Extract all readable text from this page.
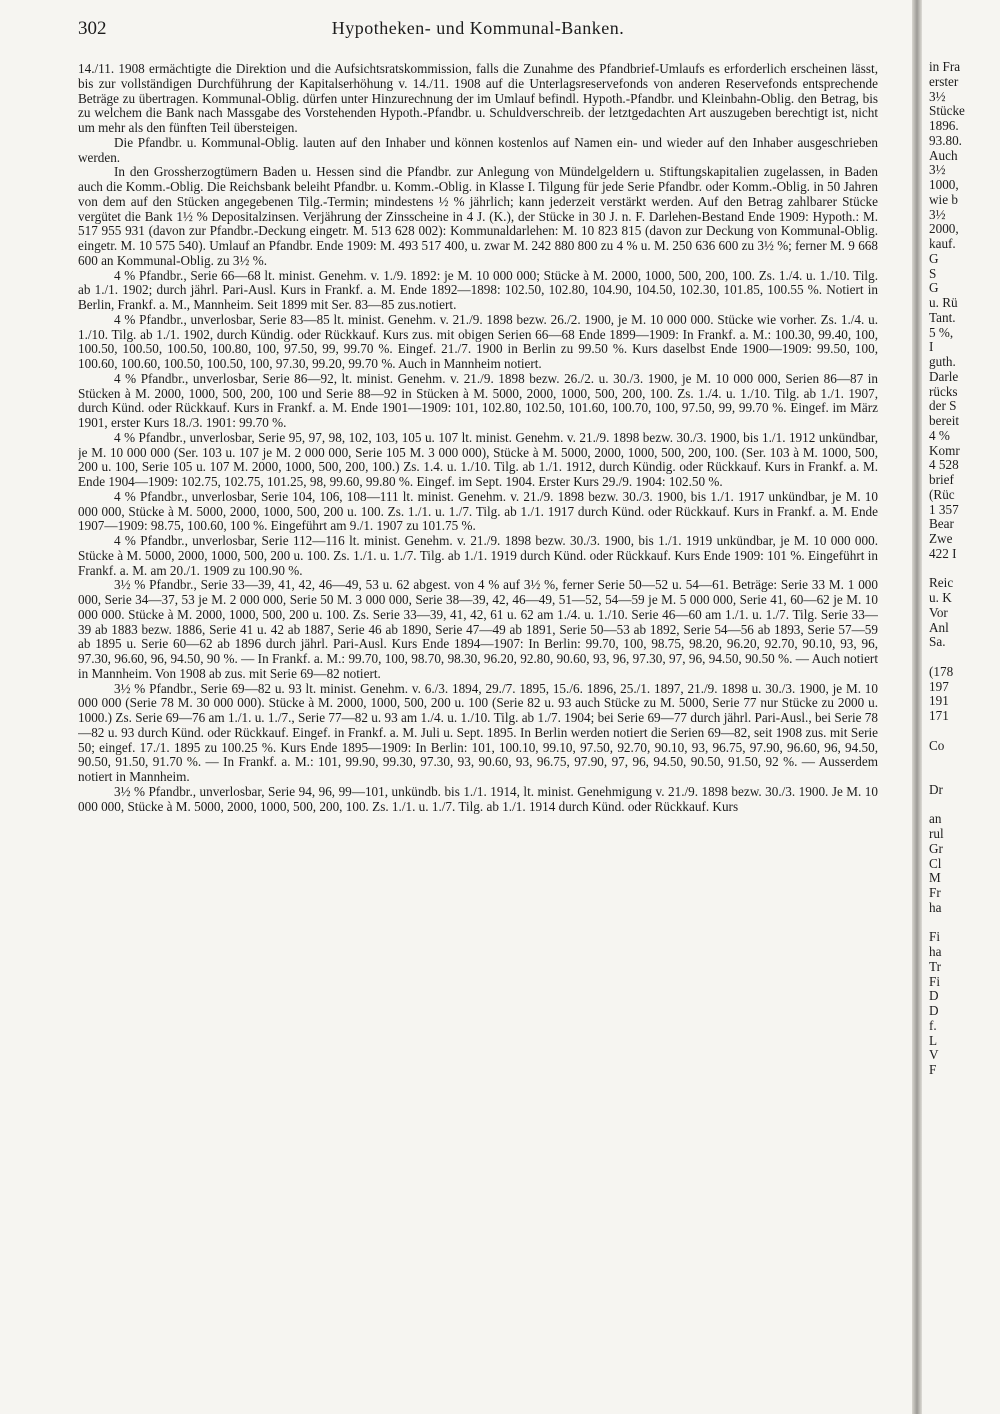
302	Hypotheken- und Kommunal-Banken.

14./11. 1908 ermächtigte die Direktion und die Aufsichtsratskommission, falls die Zunahme des Pfandbrief-Umlaufs es erforderlich erscheinen lässt, bis zur vollständigen Durchführung der Kapitalserhöhung v. 14./11. 1908 auf die Unterlagsreservefonds von anderen Reservefonds entsprechende Beträge zu übertragen. Kommunal-Oblig. dürfen unter Hinzurechnung der im Umlauf befindl. Hypoth.-Pfandbr. und Kleinbahn-Oblig. den Betrag, bis zu welchem die Bank nach Massgabe des Vorstehenden Hypoth.-Pfandbr. u. Schuldverschreib. der letztgedachten Art auszugeben berechtigt ist, nicht um mehr als den fünften Teil übersteigen.

Die Pfandbr. u. Kommunal-Oblig. lauten auf den Inhaber und können kostenlos auf Namen ein- und wieder auf den Inhaber ausgeschrieben werden.

In den Grossherzogtümern Baden u. Hessen sind die Pfandbr. zur Anlegung von Mündelgeldern u. Stiftungskapitalien zugelassen, in Baden auch die Komm.-Oblig. Die Reichsbank beleiht Pfandbr. u. Komm.-Oblig. in Klasse I. Tilgung für jede Serie Pfandbr. oder Komm.-Oblig. in 50 Jahren von dem auf den Stücken angegebenen Tilg.-Termin; mindestens ½ % jährlich; kann jederzeit verstärkt werden. Auf den Betrag zahlbarer Stücke vergütet die Bank 1½ % Depositalzinsen. Verjährung der Zinsscheine in 4 J. (K.), der Stücke in 30 J. n. F. Darlehen-Bestand Ende 1909: Hypoth.: M. 517 955 931 (davon zur Pfandbr.-Deckung eingetr. M. 513 628 002): Kommunaldarlehen: M. 10 823 815 (davon zur Deckung von Kommunal-Oblig. eingetr. M. 10 575 540). Umlauf an Pfandbr. Ende 1909: M. 493 517 400, u. zwar M. 242 880 800 zu 4 % u. M. 250 636 600 zu 3½ %; ferner M. 9 668 600 an Kommunal-Oblig. zu 3½ %.

4 % Pfandbr., Serie 66—68 lt. minist. Genehm. v. 1./9. 1892: je M. 10 000 000; Stücke à M. 2000, 1000, 500, 200, 100. Zs. 1./4. u. 1./10. Tilg. ab 1./1. 1902; durch jährl. Pari-Ausl. Kurs in Frankf. a. M. Ende 1892—1898: 102.50, 102.80, 104.90, 104.50, 102.30, 101.85, 100.55 %. Notiert in Berlin, Frankf. a. M., Mannheim. Seit 1899 mit Ser. 83—85 zus.notiert.

4 % Pfandbr., unverlosbar, Serie 83—85 lt. minist. Genehm. v. 21./9. 1898 bezw. 26./2. 1900, je M. 10 000 000. Stücke wie vorher. Zs. 1./4. u. 1./10. Tilg. ab 1./1. 1902, durch Kündig. oder Rückkauf. Kurs zus. mit obigen Serien 66—68 Ende 1899—1909: In Frankf. a. M.: 100.30, 99.40, 100, 100.50, 100.50, 100.50, 100.80, 100, 97.50, 99, 99.70 %. Eingef. 21./7. 1900 in Berlin zu 99.50 %. Kurs daselbst Ende 1900—1909: 99.50, 100, 100.60, 100.60, 100.50, 100.50, 100, 97.30, 99.20, 99.70 %. Auch in Mannheim notiert.

4 % Pfandbr., unverlosbar, Serie 86—92, lt. minist. Genehm. v. 21./9. 1898 bezw. 26./2. u. 30./3. 1900, je M. 10 000 000, Serien 86—87 in Stücken à M. 2000, 1000, 500, 200, 100 und Serie 88—92 in Stücken à M. 5000, 2000, 1000, 500, 200, 100. Zs. 1./4. u. 1./10. Tilg. ab 1./1. 1907, durch Künd. oder Rückkauf. Kurs in Frankf. a. M. Ende 1901—1909: 101, 102.80, 102.50, 101.60, 100.70, 100, 97.50, 99, 99.70 %. Eingef. im März 1901, erster Kurs 18./3. 1901: 99.70 %.

4 % Pfandbr., unverlosbar, Serie 95, 97, 98, 102, 103, 105 u. 107 lt. minist. Genehm. v. 21./9. 1898 bezw. 30./3. 1900, bis 1./1. 1912 unkündbar, je M. 10 000 000 (Ser. 103 u. 107 je M. 2 000 000, Serie 105 M. 3 000 000), Stücke à M. 5000, 2000, 1000, 500, 200, 100. (Ser. 103 à M. 1000, 500, 200 u. 100, Serie 105 u. 107 M. 2000, 1000, 500, 200, 100.) Zs. 1.4. u. 1./10. Tilg. ab 1./1. 1912, durch Kündig. oder Rückkauf. Kurs in Frankf. a. M. Ende 1904—1909: 102.75, 102.75, 101.25, 98, 99.60, 99.80 %. Eingef. im Sept. 1904. Erster Kurs 29./9. 1904: 102.50 %.

4 % Pfandbr., unverlosbar, Serie 104, 106, 108—111 lt. minist. Genehm. v. 21./9. 1898 bezw. 30./3. 1900, bis 1./1. 1917 unkündbar, je M. 10 000 000, Stücke à M. 5000, 2000, 1000, 500, 200 u. 100. Zs. 1./1. u. 1./7. Tilg. ab 1./1. 1917 durch Künd. oder Rückkauf. Kurs in Frankf. a. M. Ende 1907—1909: 98.75, 100.60, 100 %. Eingeführt am 9./1. 1907 zu 101.75 %.

4 % Pfandbr., unverlosbar, Serie 112—116 lt. minist. Genehm. v. 21./9. 1898 bezw. 30./3. 1900, bis 1./1. 1919 unkündbar, je M. 10 000 000. Stücke à M. 5000, 2000, 1000, 500, 200 u. 100. Zs. 1./1. u. 1./7. Tilg. ab 1./1. 1919 durch Künd. oder Rückkauf. Kurs Ende 1909: 101 %. Eingeführt in Frankf. a. M. am 20./1. 1909 zu 100.90 %.

3½ % Pfandbr., Serie 33—39, 41, 42, 46—49, 53 u. 62 abgest. von 4 % auf 3½ %, ferner Serie 50—52 u. 54—61. Beträge: Serie 33 M. 1 000 000, Serie 34—37, 53 je M. 2 000 000, Serie 50 M. 3 000 000, Serie 38—39, 42, 46—49, 51—52, 54—59 je M. 5 000 000, Serie 41, 60—62 je M. 10 000 000. Stücke à M. 2000, 1000, 500, 200 u. 100. Zs. Serie 33—39, 41, 42, 61 u. 62 am 1./4. u. 1./10. Serie 46—60 am 1./1. u. 1./7. Tilg. Serie 33—39 ab 1883 bezw. 1886, Serie 41 u. 42 ab 1887, Serie 46 ab 1890, Serie 47—49 ab 1891, Serie 50—53 ab 1892, Serie 54—56 ab 1893, Serie 57—59 ab 1895 u. Serie 60—62 ab 1896 durch jährl. Pari-Ausl. Kurs Ende 1894—1907: In Berlin: 99.70, 100, 98.75, 98.20, 96.20, 92.70, 90.10, 93, 96, 97.30, 96.60, 96, 94.50, 90 %. — In Frankf. a. M.: 99.70, 100, 98.70, 98.30, 96.20, 92.80, 90.60, 93, 96, 97.30, 97, 96, 94.50, 90.50 %. — Auch notiert in Mannheim. Von 1908 ab zus. mit Serie 69—82 notiert.

3½ % Pfandbr., Serie 69—82 u. 93 lt. minist. Genehm. v. 6./3. 1894, 29./7. 1895, 15./6. 1896, 25./1. 1897, 21./9. 1898 u. 30./3. 1900, je M. 10 000 000 (Serie 78 M. 30 000 000). Stücke à M. 2000, 1000, 500, 200 u. 100 (Serie 82 u. 93 auch Stücke zu M. 5000, Serie 77 nur Stücke zu 2000 u. 1000.) Zs. Serie 69—76 am 1./1. u. 1./7., Serie 77—82 u. 93 am 1./4. u. 1./10. Tilg. ab 1./7. 1904; bei Serie 69—77 durch jährl. Pari-Ausl., bei Serie 78—82 u. 93 durch Künd. oder Rückkauf. Eingef. in Frankf. a. M. Juli u. Sept. 1895. In Berlin werden notiert die Serien 69—82, seit 1908 zus. mit Serie 50; eingef. 17./1. 1895 zu 100.25 %. Kurs Ende 1895—1909: In Berlin: 101, 100.10, 99.10, 97.50, 92.70, 90.10, 93, 96.75, 97.90, 96.60, 96, 94.50, 90.50, 91.50, 91.70 %. — In Frankf. a. M.: 101, 99.90, 99.30, 97.30, 93, 90.60, 93, 96.75, 97.90, 97, 96, 94.50, 90.50, 91.50, 92 %. — Ausserdem notiert in Mannheim.

3½ % Pfandbr., unverlosbar, Serie 94, 96, 99—101, unkündb. bis 1./1. 1914, lt. minist. Genehmigung v. 21./9. 1898 bezw. 30./3. 1900. Je M. 10 000 000, Stücke à M. 5000, 2000, 1000, 500, 200, 100. Zs. 1./1. u. 1./7. Tilg. ab 1./1. 1914 durch Künd. oder Rückkauf. Kurs

in Fra
erster
3½
Stücke
1896.
93.80.
Auch
3½
1000,
wie b
3½
2000,
kauf.
G
S
G
u. Rü
Tant.
5 %,
I
guth.
Darle
rücks
der S
bereit
4 %
Komr
4 528
brief
(Rüc
1 357
Bear
Zwe
422 I
Reic
u. K
Vor
Anl
Sa.
(178
197
191
171
Co
Dr
an
rul
Gr
Cl
M
Fr
ha
Fi
ha
Tr
Fi
D
D
f.
L
V
F
